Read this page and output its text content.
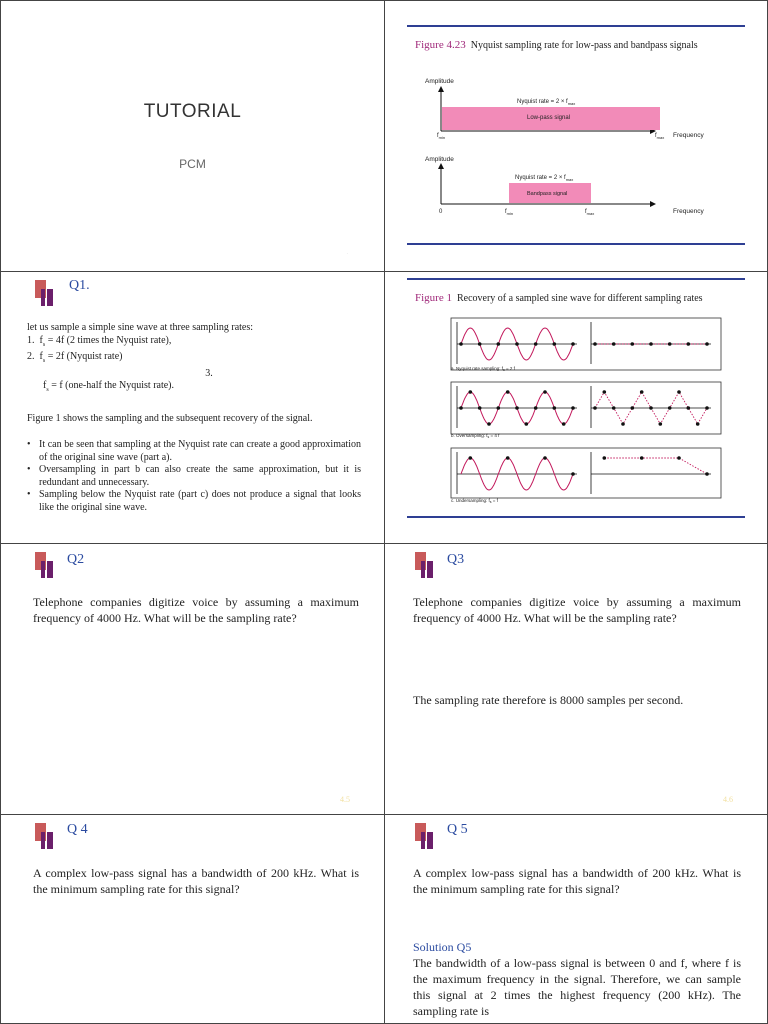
TUTORIAL
PCM
·
Figure 4.23 Nyquist sampling rate for low-pass and bandpass signals
Amplitude
Low-pass signal
Nyquist rate = $2 \times f_{max}$
$f_{min}$	$f_{max}$ Frequency
Amplitude
Bandpass signal
Nyquist rate = $2 \times f_{max}$
0	$f_{min}$	$f_{max}$	Frequency
Q1.
let us sample a simple sine wave at three sampling rates:
1. $f_s = 4f$ (2 times the Nyquist rate),
2. $f_s = 2f$ (Nyquist rate)
3.
$f_s = f$ (one-half the Nyquist rate).
Figure 1 shows the sampling and the subsequent recovery of the signal.
• It can be seen that sampling at the Nyquist rate can create a good approximation of the original sine wave (part a).
• Oversampling in part b can also create the same approximation, but it is redundant and unnecessary.
• Sampling below the Nyquist rate (part c) does not produce a signal that looks like the original sine wave.
Figure 1 Recovery of a sampled sine wave for different sampling rates
a. Nyquist rate sampling: $f_s = 2$ f
b. Oversampling: $f_s = 4$ f
c. Undersampling: $f_s = f$
Q2
Telephone companies digitize voice by assuming a maximum frequency of 4000 Hz. What will be the sampling rate?
4.5
Q3
Telephone companies digitize voice by assuming a maximum frequency of 4000 Hz. What will be the sampling rate?
The sampling rate therefore is 8000 samples per second.
4.6
Q 4
A complex low-pass signal has a bandwidth of 200 kHz. What is the minimum sampling rate for this signal?
Q 5
A complex low-pass signal has a bandwidth of 200 kHz. What is the minimum sampling rate for this signal?
Solution Q5
The bandwidth of a low-pass signal is between 0 and f, where f is the maximum frequency in the signal. Therefore, we can sample this signal at 2 times the highest frequency (200 kHz). The sampling rate is
